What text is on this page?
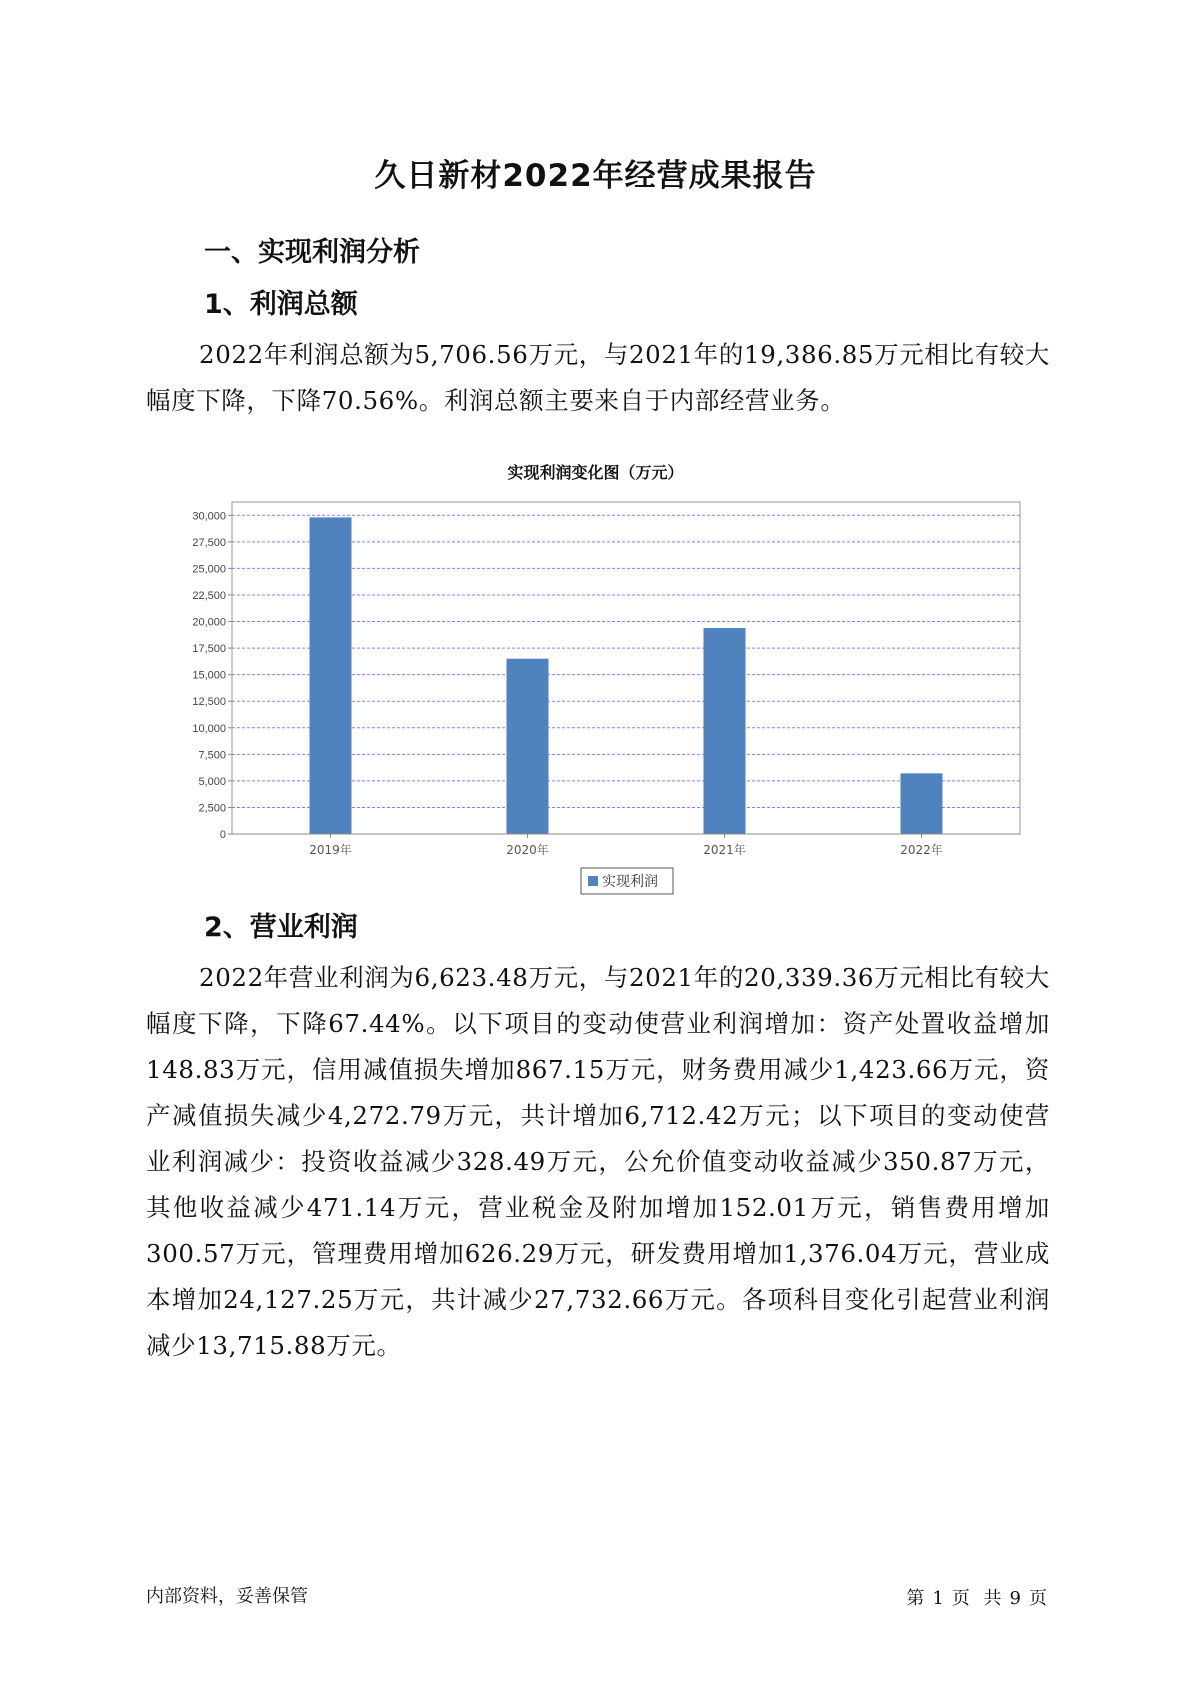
久日新材2022年经营成果报告
一、实现利润分析
1、利润总额
2022年利润总额为5,706.56万元，与2021年的19,386.85万元相比有较大幅度下降，下降70.56%。利润总额主要来自于内部经营业务。
实现利润变化图（万元）
0
2,500
5,000
7,500
10,000
12,500
15,000
17,500
20,000
22,500
25,000
27,500
30,000
2019年	2020年	2021年	2022年
实现利润
2、营业利润
2022年营业利润为6,623.48万元，与2021年的20,339.36万元相比有较大幅度下降，下降67.44%。以下项目的变动使营业利润增加：资产处置收益增加148.83万元，信用减值损失增加867.15万元，财务费用减少1,423.66万元，资产减值损失减少4,272.79万元，共计增加6,712.42万元；以下项目的变动使营业利润减少：投资收益减少328.49万元，公允价值变动收益减少350.87万元，其他收益减少471.14万元，营业税金及附加增加152.01万元，销售费用增加300.57万元，管理费用增加626.29万元，研发费用增加1,376.04万元，营业成本增加24,127.25万元，共计减少27,732.66万元。各项科目变化引起营业利润减少13,715.88万元。
内部资料，妥善保管	第 1 页 共 9 页
